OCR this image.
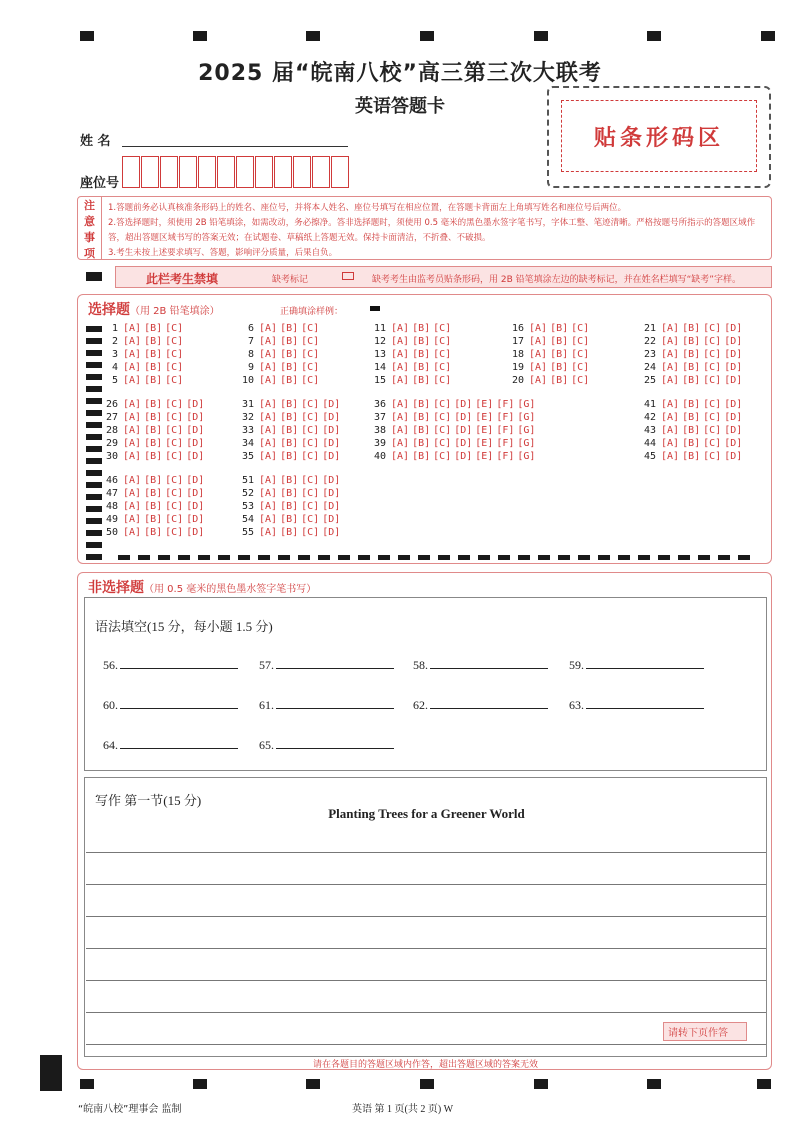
2025 届“皖南八校”高三第三次大联考
英语答题卡
贴条形码区
姓 名
座位号
注
意
事
项
1.答题前务必认真核准条形码上的姓名、座位号，并将本人姓名、座位号填写在相应位置，在答题卡背面左上角填写姓名和座位号后两位。
2.答选择题时，须使用 2B 铅笔填涂，如需改动，务必擦净。答非选择题时，须使用 0.5 毫米的黑色墨水签字笔书写，字体工整、笔迹清晰。严格按题号所指示的答题区域作答，超出答题区域书写的答案无效；在试题卷、草稿纸上答题无效。保持卡面清洁，不折叠、不破损。
3.考生未按上述要求填写、答题，影响评分质量，后果自负。
此栏考生禁填	缺考标记	缺考考生由监考员贴条形码，用 2B 铅笔填涂左边的缺考标记，并在姓名栏填写“缺考”字样。
选择题（用 2B 铅笔填涂）	正确填涂样例：
1 [A] [B] [C]
2 [A] [B] [C]
3 [A] [B] [C]
4 [A] [B] [C]
5 [A] [B] [C]
6 [A] [B] [C]
7 [A] [B] [C]
8 [A] [B] [C]
9 [A] [B] [C]
10 [A] [B] [C]
11 [A] [B] [C]
12 [A] [B] [C]
13 [A] [B] [C]
14 [A] [B] [C]
15 [A] [B] [C]
16 [A] [B] [C]
17 [A] [B] [C]
18 [A] [B] [C]
19 [A] [B] [C]
20 [A] [B] [C]
21 [A] [B] [C] [D]
22 [A] [B] [C] [D]
23 [A] [B] [C] [D]
24 [A] [B] [C] [D]
25 [A] [B] [C] [D]
26 [A] [B] [C] [D]
27 [A] [B] [C] [D]
28 [A] [B] [C] [D]
29 [A] [B] [C] [D]
30 [A] [B] [C] [D]
31 [A] [B] [C] [D]
32 [A] [B] [C] [D]
33 [A] [B] [C] [D]
34 [A] [B] [C] [D]
35 [A] [B] [C] [D]
36 [A] [B] [C] [D] [E] [F] [G]
37 [A] [B] [C] [D] [E] [F] [G]
38 [A] [B] [C] [D] [E] [F] [G]
39 [A] [B] [C] [D] [E] [F] [G]
40 [A] [B] [C] [D] [E] [F] [G]
41 [A] [B] [C] [D]
42 [A] [B] [C] [D]
43 [A] [B] [C] [D]
44 [A] [B] [C] [D]
45 [A] [B] [C] [D]
46 [A] [B] [C] [D]
47 [A] [B] [C] [D]
48 [A] [B] [C] [D]
49 [A] [B] [C] [D]
50 [A] [B] [C] [D]
51 [A] [B] [C] [D]
52 [A] [B] [C] [D]
53 [A] [B] [C] [D]
54 [A] [B] [C] [D]
55 [A] [B] [C] [D]
非选择题（用 0.5 毫米的黑色墨水签字笔书写）
语法填空(15 分，每小题 1.5 分)
56.	57.	58.	59.
60.	61.	62.	63.
64.	65.
写作 第一节(15 分)
Planting Trees for a Greener World
请转下页作答
请在各题目的答题区域内作答，超出答题区域的答案无效
“皖南八校”理事会 监制	英语 第 1 页(共 2 页) W
